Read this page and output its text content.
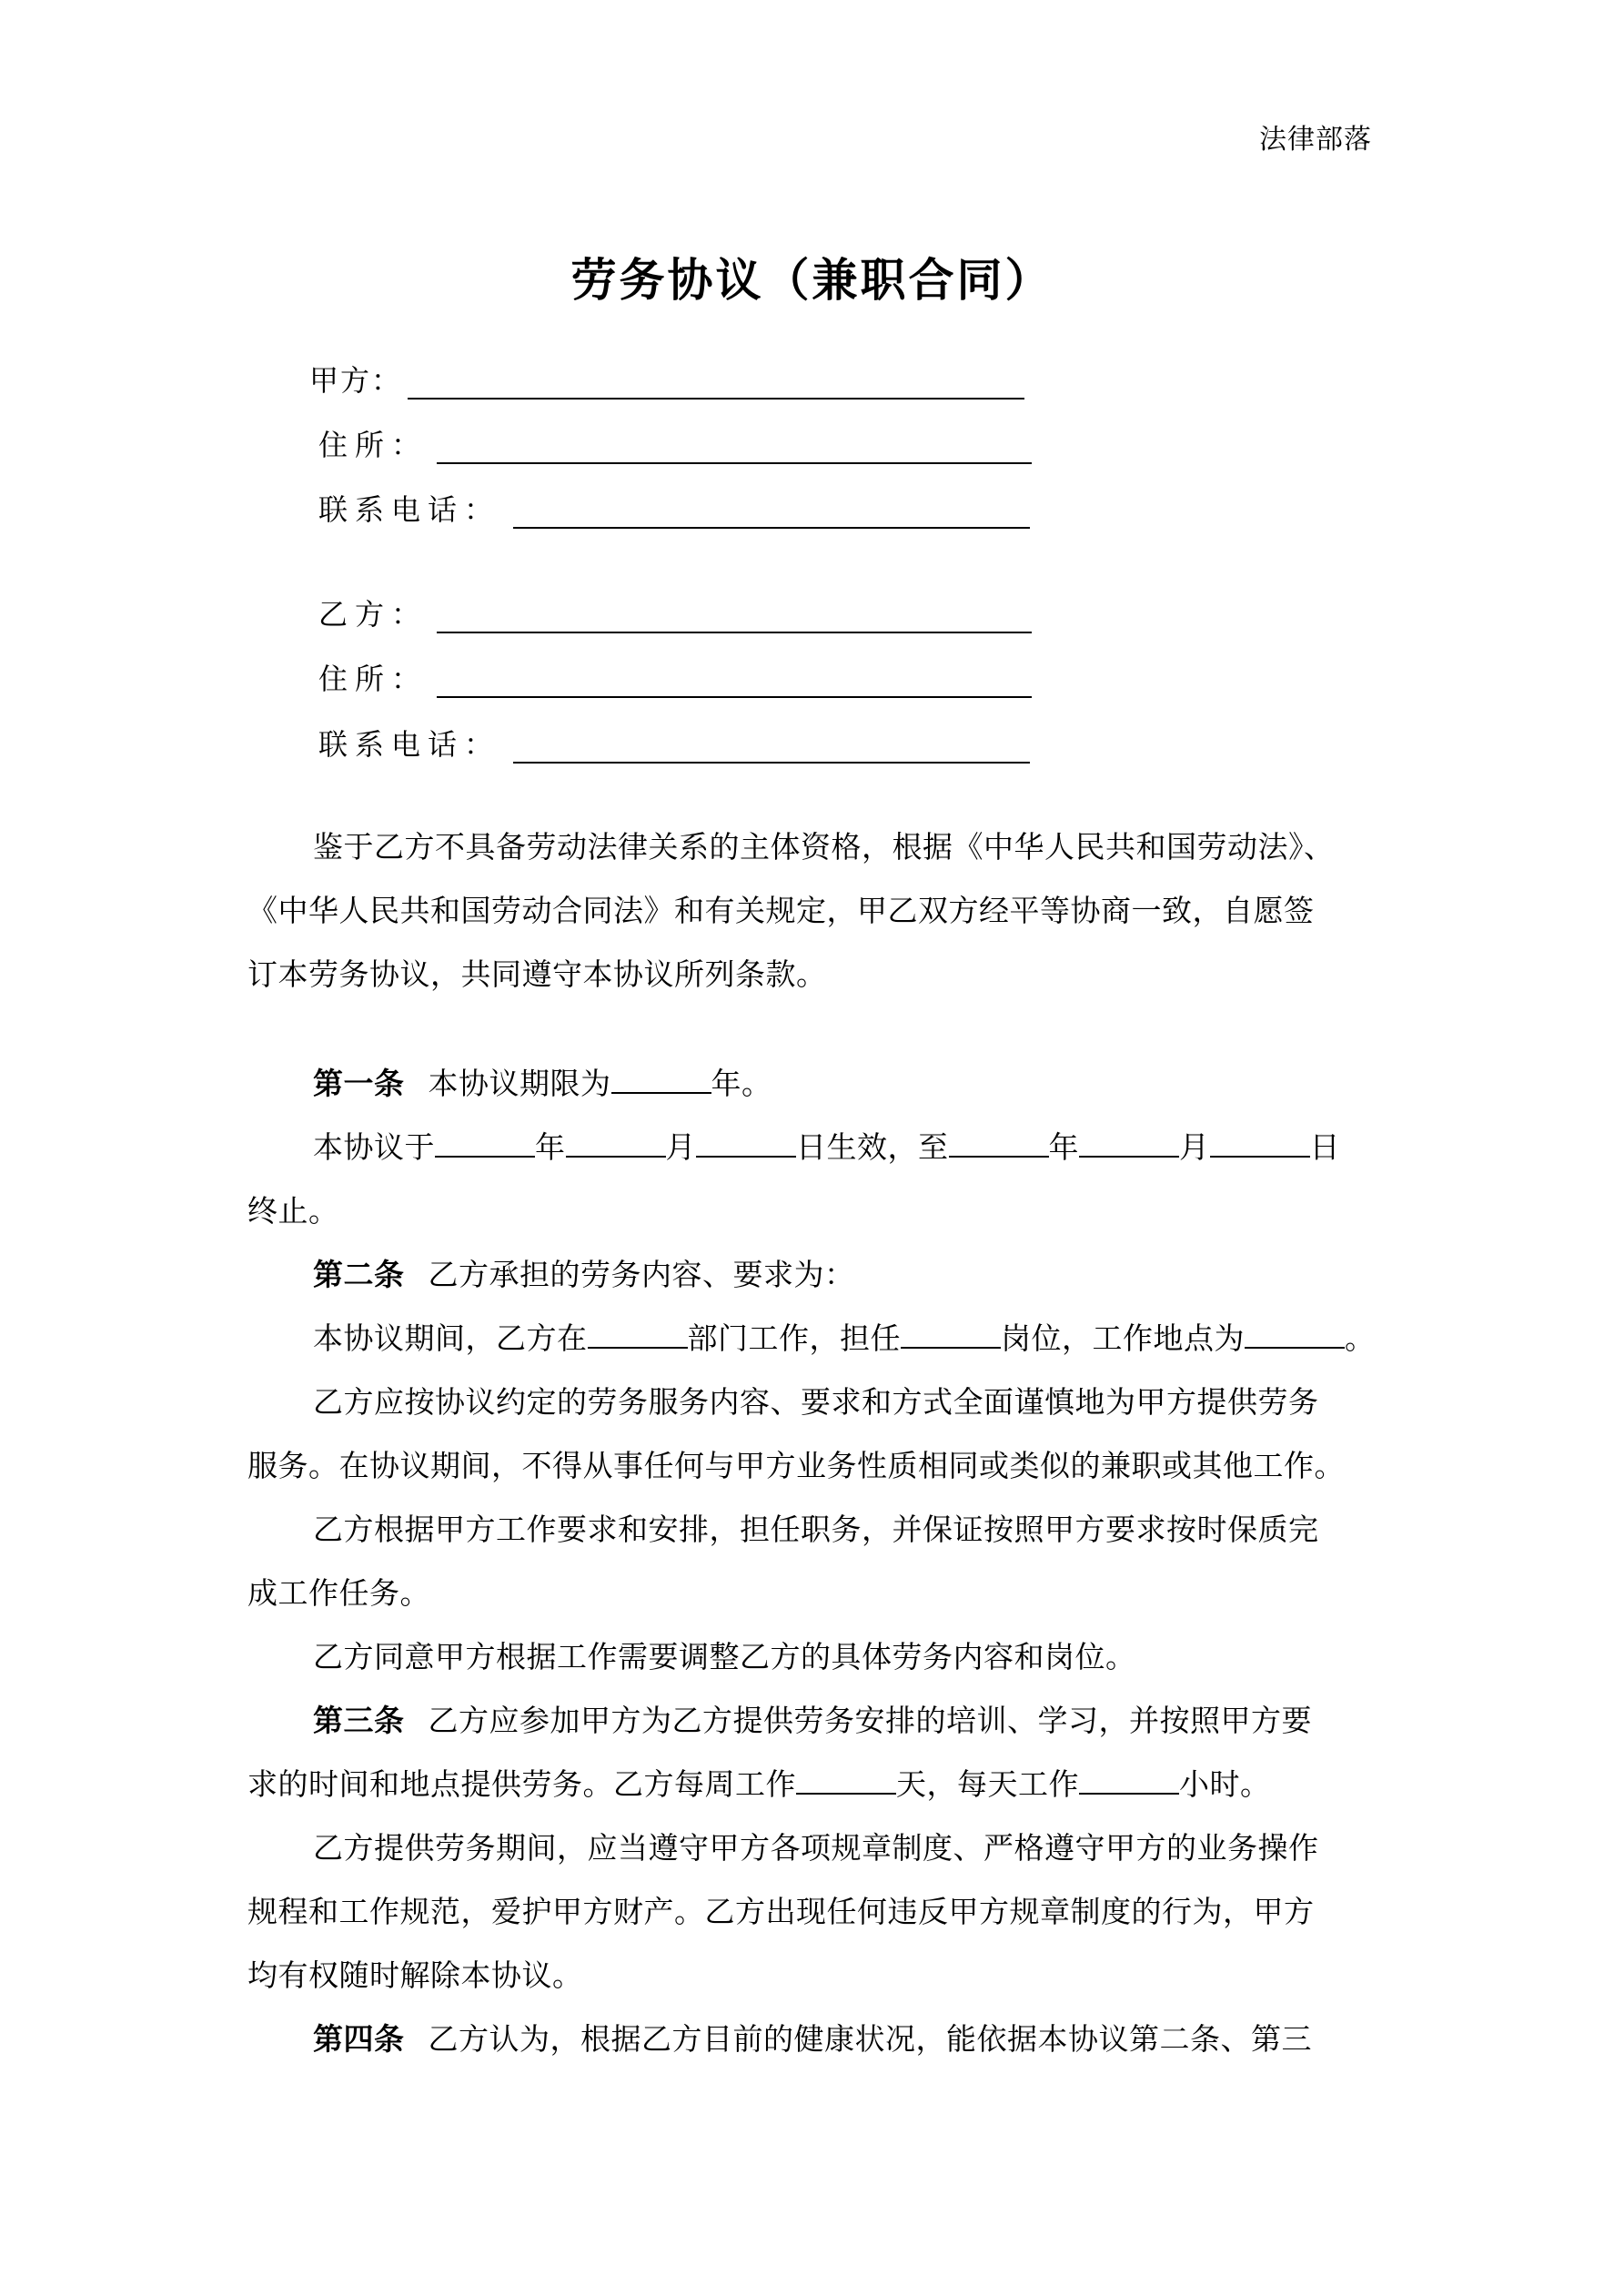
法律部落
劳务协议（兼职合同）
甲方：
住所：
联系电话：
乙方：
住所：
联系电话：
鉴于乙方不具备劳动法律关系的主体资格，根据《中华人民共和国劳动法》、
《中华人民共和国劳动合同法》和有关规定，甲乙双方经平等协商一致，自愿签
订本劳务协议，共同遵守本协议所列条款。
第一条 本协议期限为	年。
本协议于	年	月	日生效，至	年	月	日
终止。
第二条 乙方承担的劳务内容、要求为：
本协议期间，乙方在	部门工作，担任	岗位，工作地点为	。
乙方应按协议约定的劳务服务内容、要求和方式全面谨慎地为甲方提供劳务
服务。在协议期间，不得从事任何与甲方业务性质相同或类似的兼职或其他工作。
乙方根据甲方工作要求和安排，担任职务，并保证按照甲方要求按时保质完
成工作任务。
乙方同意甲方根据工作需要调整乙方的具体劳务内容和岗位。
第三条 乙方应参加甲方为乙方提供劳务安排的培训、学习，并按照甲方要
求的时间和地点提供劳务。乙方每周工作	天，每天工作	小时。
乙方提供劳务期间，应当遵守甲方各项规章制度、严格遵守甲方的业务操作
规程和工作规范，爱护甲方财产。乙方出现任何违反甲方规章制度的行为，甲方
均有权随时解除本协议。
第四条 乙方认为，根据乙方目前的健康状况，能依据本协议第二条、第三
